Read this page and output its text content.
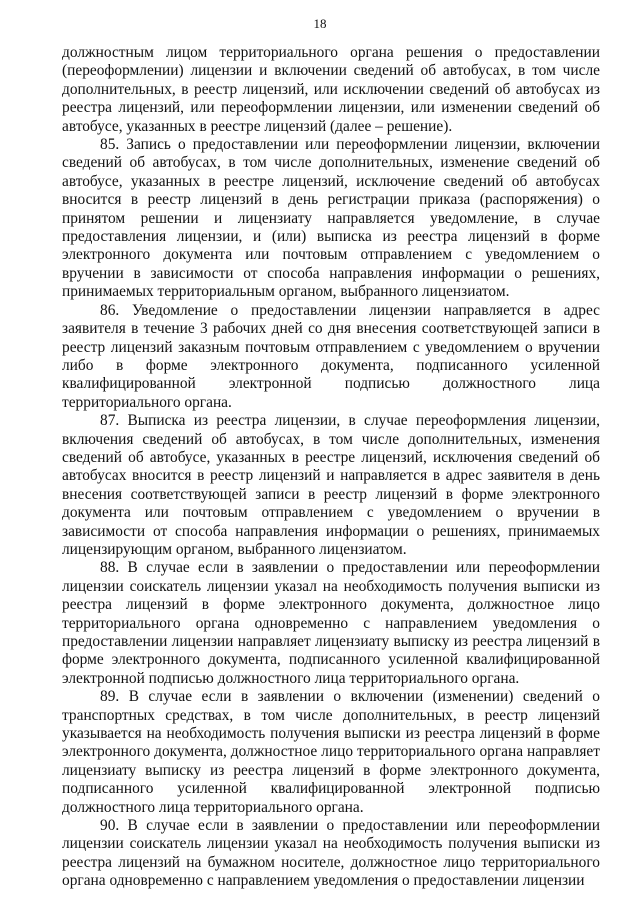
18

должностным лицом территориального органа решения о предоставлении (переоформлении) лицензии и включении сведений об автобусах, в том числе дополнительных, в реестр лицензий, или исключении сведений об автобусах из реестра лицензий, или переоформлении лицензии, или изменении сведений об автобусе, указанных в реестре лицензий (далее – решение).

85. Запись о предоставлении или переоформлении лицензии, включении сведений об автобусах, в том числе дополнительных, изменение сведений об автобусе, указанных в реестре лицензий, исключение сведений об автобусах вносится в реестр лицензий в день регистрации приказа (распоряжения) о принятом решении и лицензиату направляется уведомление, в случае предоставления лицензии, и (или) выписка из реестра лицензий в форме электронного документа или почтовым отправлением с уведомлением о вручении в зависимости от способа направления информации о решениях, принимаемых территориальным органом, выбранного лицензиатом.

86. Уведомление о предоставлении лицензии направляется в адрес заявителя в течение 3 рабочих дней со дня внесения соответствующей записи в реестр лицензий заказным почтовым отправлением с уведомлением о вручении либо в форме электронного документа, подписанного усиленной квалифицированной электронной подписью должностного лица территориального органа.

87. Выписка из реестра лицензии, в случае переоформления лицензии, включения сведений об автобусах, в том числе дополнительных, изменения сведений об автобусе, указанных в реестре лицензий, исключения сведений об автобусах вносится в реестр лицензий и направляется в адрес заявителя в день внесения соответствующей записи в реестр лицензий в форме электронного документа или почтовым отправлением с уведомлением о вручении в зависимости от способа направления информации о решениях, принимаемых лицензирующим органом, выбранного лицензиатом.

88. В случае если в заявлении о предоставлении или переоформлении лицензии соискатель лицензии указал на необходимость получения выписки из реестра лицензий в форме электронного документа, должностное лицо территориального органа одновременно с направлением уведомления о предоставлении лицензии направляет лицензиату выписку из реестра лицензий в форме электронного документа, подписанного усиленной квалифицированной электронной подписью должностного лица территориального органа.

89. В случае если в заявлении о включении (изменении) сведений о транспортных средствах, в том числе дополнительных, в реестр лицензий указывается на необходимость получения выписки из реестра лицензий в форме электронного документа, должностное лицо территориального органа направляет лицензиату выписку из реестра лицензий в форме электронного документа, подписанного усиленной квалифицированной электронной подписью должностного лица территориального органа.

90. В случае если в заявлении о предоставлении или переоформлении лицензии соискатель лицензии указал на необходимость получения выписки из реестра лицензий на бумажном носителе, должностное лицо территориального органа одновременно с направлением уведомления о предоставлении лицензии
